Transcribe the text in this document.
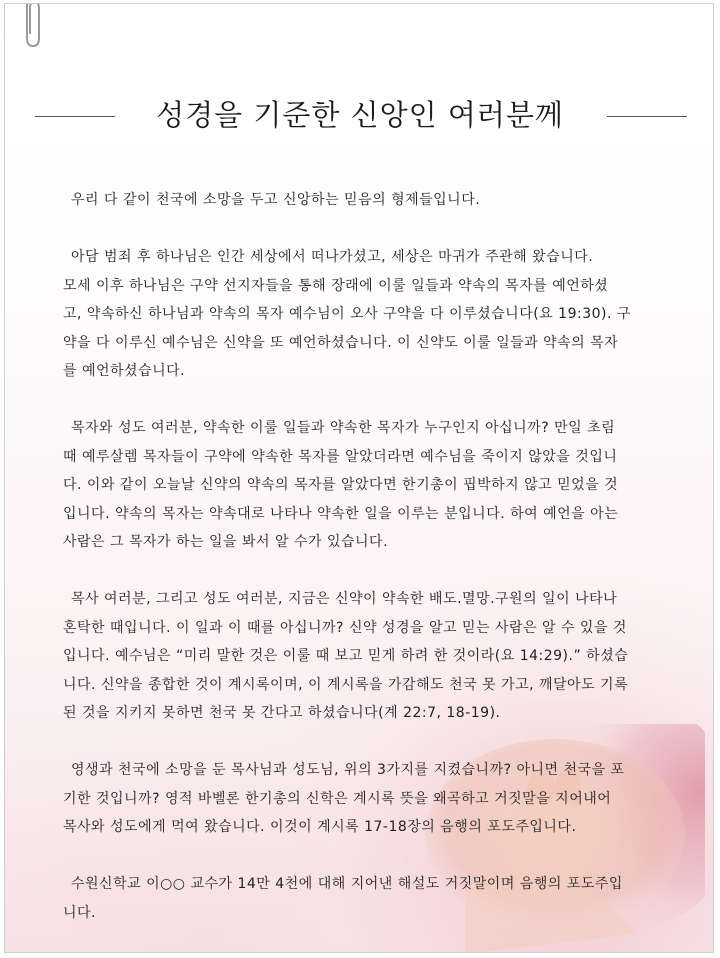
성경을 기준한 신앙인 여러분께
우리 다 같이 천국에 소망을 두고 신앙하는 믿음의 형제들입니다.
아담 범죄 후 하나님은 인간 세상에서 떠나가셨고, 세상은 마귀가 주관해 왔습니다.
모세 이후 하나님은 구약 선지자들을 통해 장래에 이룰 일들과 약속의 목자를 예언하셨
고, 약속하신 하나님과 약속의 목자 예수님이 오사 구약을 다 이루셨습니다(요 19:30). 구
약을 다 이루신 예수님은 신약을 또 예언하셨습니다. 이 신약도 이룰 일들과 약속의 목자
를 예언하셨습니다.
목자와 성도 여러분, 약속한 이룰 일들과 약속한 목자가 누구인지 아십니까? 만일 초림
때 예루살렘 목자들이 구약에 약속한 목자를 알았더라면 예수님을 죽이지 않았을 것입니
다. 이와 같이 오늘날 신약의 약속의 목자를 알았다면 한기총이 핍박하지 않고 믿었을 것
입니다. 약속의 목자는 약속대로 나타나 약속한 일을 이루는 분입니다. 하여 예언을 아는
사람은 그 목자가 하는 일을 봐서 알 수가 있습니다.
목사 여러분, 그리고 성도 여러분, 지금은 신약이 약속한 배도.멸망.구원의 일이 나타나
혼탁한 때입니다. 이 일과 이 때를 아십니까? 신약 성경을 알고 믿는 사람은 알 수 있을 것
입니다. 예수님은 “미리 말한 것은 이룰 때 보고 믿게 하려 한 것이라(요 14:29).” 하셨습
니다. 신약을 종합한 것이 계시록이며, 이 계시록을 가감해도 천국 못 가고, 깨달아도 기록
된 것을 지키지 못하면 천국 못 간다고 하셨습니다(계 22:7, 18-19).
영생과 천국에 소망을 둔 목사님과 성도님, 위의 3가지를 지켰습니까? 아니면 천국을 포
기한 것입니까? 영적 바벨론 한기총의 신학은 계시록 뜻을 왜곡하고 거짓말을 지어내어
목사와 성도에게 먹여 왔습니다. 이것이 계시록 17-18장의 음행의 포도주입니다.
수원신학교 이○○ 교수가 14만 4천에 대해 지어낸 해설도 거짓말이며 음행의 포도주입
니다.
